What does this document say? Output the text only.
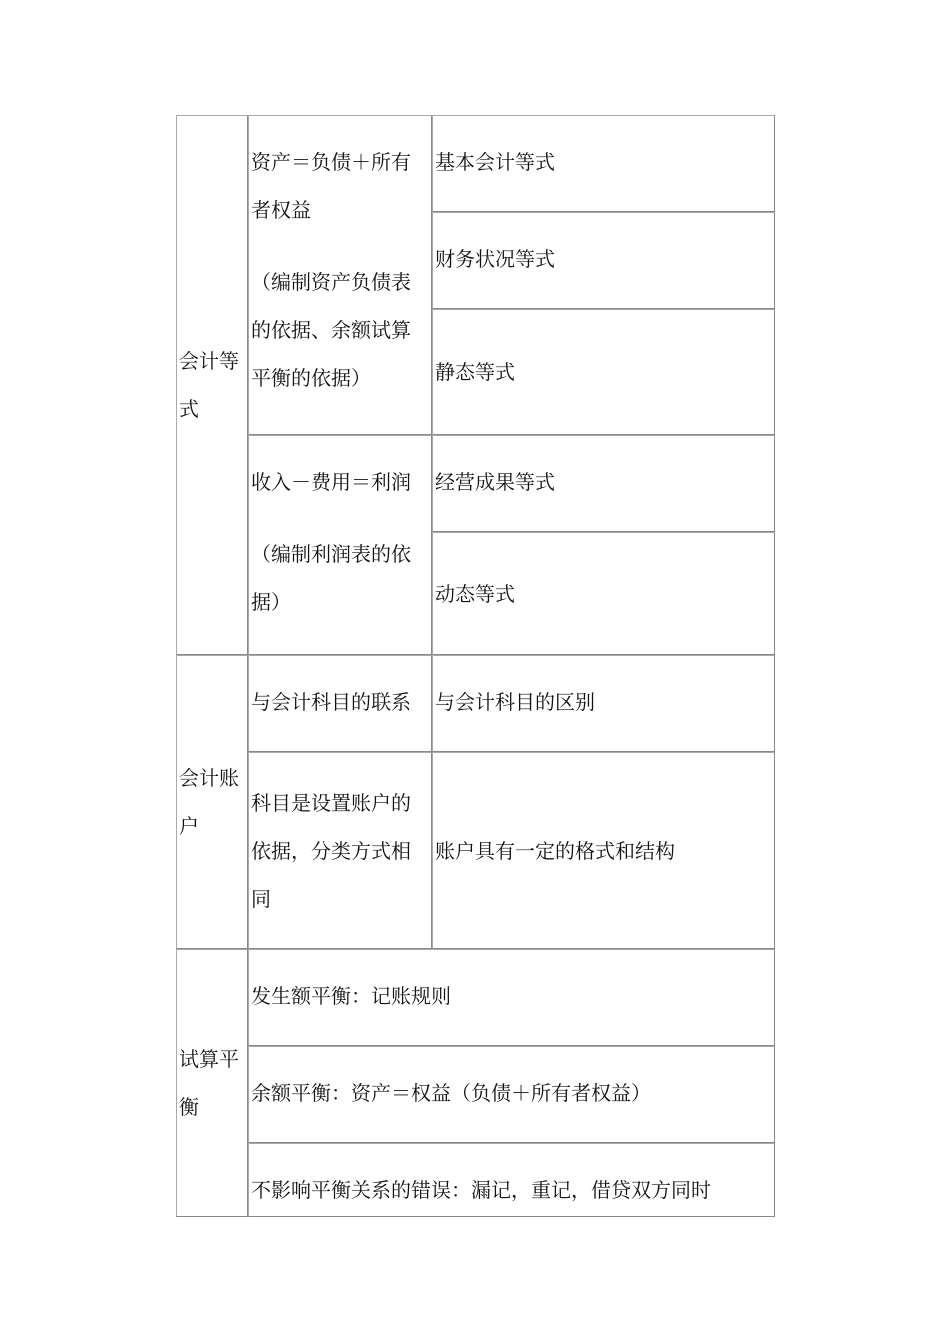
会计等
式
资产＝负债＋所有
者权益
（编制资产负债表
的依据、余额试算
平衡的依据）
基本会计等式
财务状况等式
静态等式
收入－费用＝利润
（编制利润表的依
据）
经营成果等式
动态等式
会计账
户
与会计科目的联系	与会计科目的区别
科目是设置账户的
依据，分类方式相
同
账户具有一定的格式和结构
试算平
衡
发生额平衡：记账规则
余额平衡：资产＝权益（负债＋所有者权益）
不影响平衡关系的错误：漏记，重记，借贷双方同时
